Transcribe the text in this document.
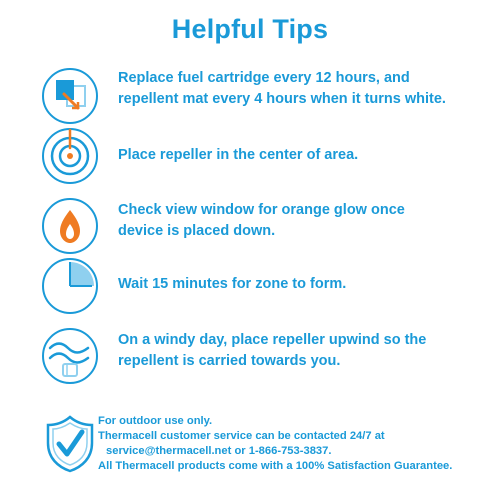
Helpful Tips
Replace fuel cartridge every 12 hours, and
repellent mat every 4 hours when it turns white.
Place repeller in the center of area.
Check view window for orange glow once
device is placed down.
Wait 15 minutes for zone to form.
On a windy day, place repeller upwind so the
repellent is carried towards you.
For outdoor use only.
Thermacell customer service can be contacted 24/7 at
service@thermacell.net or 1-866-753-3837.
All Thermacell products come with a 100% Satisfaction Guarantee.
